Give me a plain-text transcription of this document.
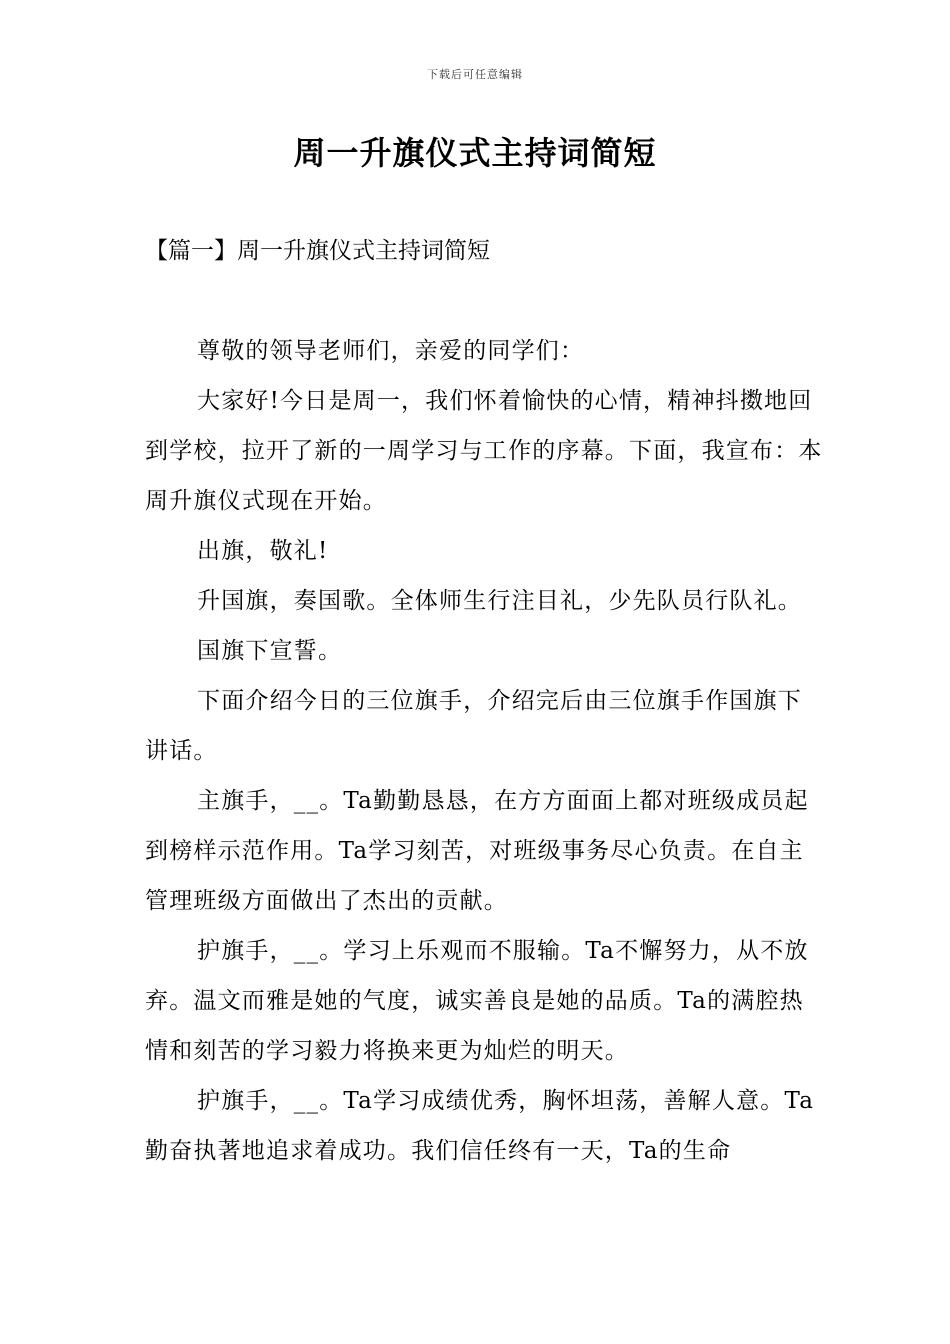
下载后可任意编辑
周一升旗仪式主持词简短
【篇一】周一升旗仪式主持词简短

尊敬的领导老师们，亲爱的同学们：

大家好!今日是周一，我们怀着愉快的心情，精神抖擞地回到学校，拉开了新的一周学习与工作的序幕。下面，我宣布：本周升旗仪式现在开始。

出旗，敬礼!

升国旗，奏国歌。全体师生行注目礼，少先队员行队礼。

国旗下宣誓。

下面介绍今日的三位旗手，介绍完后由三位旗手作国旗下讲话。

主旗手，__。Ta勤勤恳恳，在方方面面上都对班级成员起到榜样示范作用。Ta学习刻苦，对班级事务尽心负责。在自主管理班级方面做出了杰出的贡献。

护旗手，__。学习上乐观而不服输。Ta不懈努力，从不放弃。温文而雅是她的气度，诚实善良是她的品质。Ta的满腔热情和刻苦的学习毅力将换来更为灿烂的明天。

护旗手，__。Ta学习成绩优秀，胸怀坦荡，善解人意。Ta勤奋执著地追求着成功。我们信任终有一天，Ta的生命
